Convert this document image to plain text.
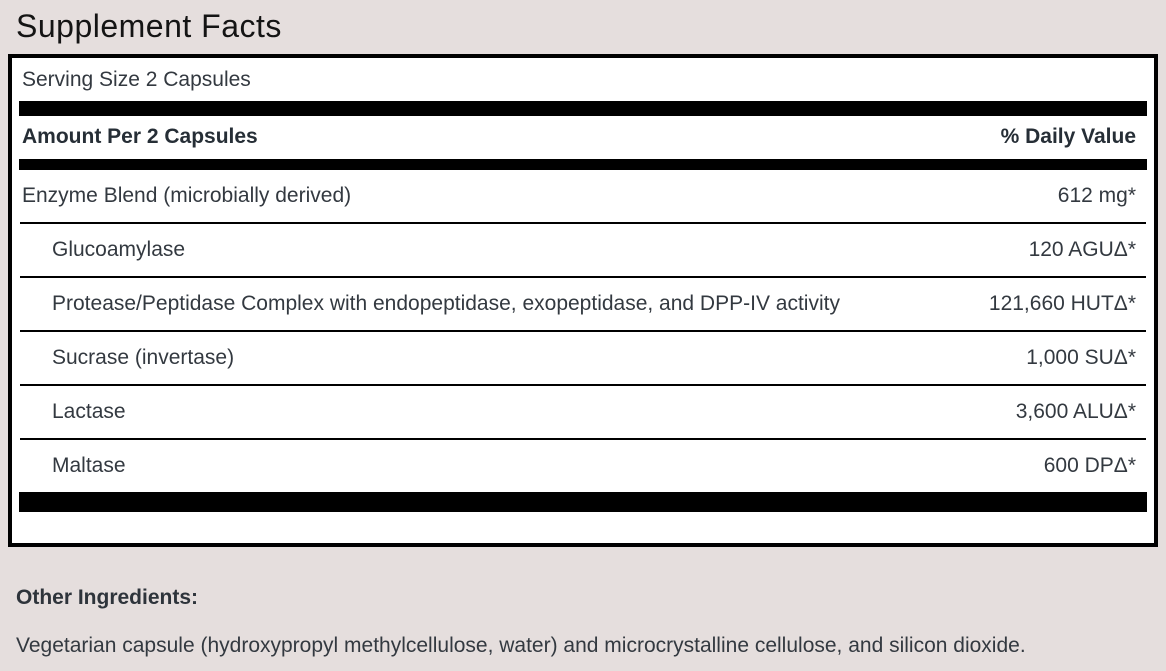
Supplement Facts
Serving Size 2 Capsules
Amount Per 2 Capsules	% Daily Value
Enzyme Blend (microbially derived)	612 mg*
Glucoamylase	120 AGUΔ*
Protease/Peptidase Complex with endopeptidase, exopeptidase, and DPP-IV activity	121,660 HUTΔ*
Sucrase (invertase)	1,000 SUΔ*
Lactase	3,600 ALUΔ*
Maltase	600 DPΔ*
Other Ingredients:
Vegetarian capsule (hydroxypropyl methylcellulose, water) and microcrystalline cellulose, and silicon dioxide.
